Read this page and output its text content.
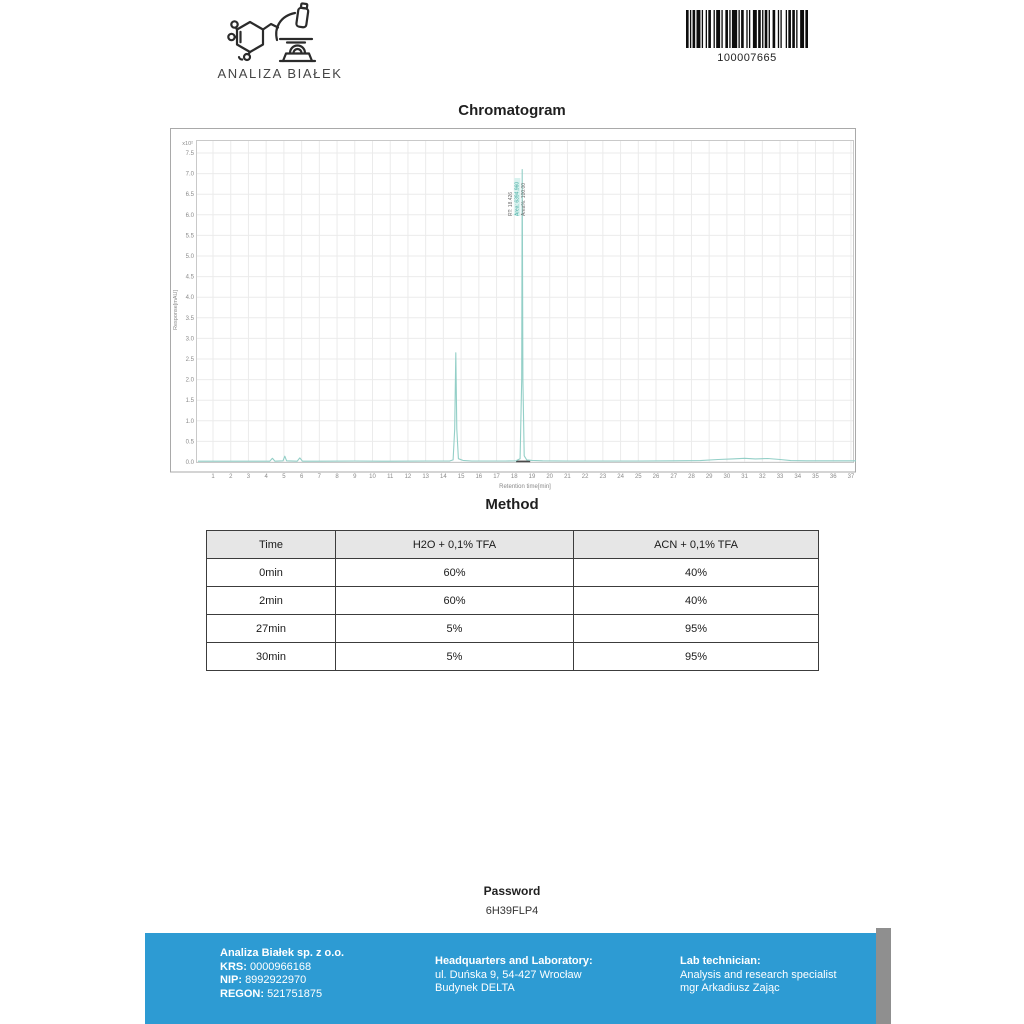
ANALIZA BIAŁEK
100007665
Chromatogram
0.0
0.5
1.0
1.5
2.0
2.5
3.0
3.5
4.0
4.5
5.0
5.5
6.0
6.5
7.0
7.5
1 2 3 4 5 6 7 8 9 10 11 12 13 14 15 16 17 18 19 20 21 22 23 24 25 26 27 28 29 30 31 32 33 34 35 36 37
x10²
Response[mAU]
Retention time[min]
RT: 18.426 Area: 6394.960 Area%: 100.00
Method
Time	H2O + 0,1% TFA	ACN + 0,1% TFA
0min	60%	40%
2min	60%	40%
27min	5%	95%
30min	5%	95%
Password
6H39FLP4
Analiza Białek sp. z o.o.
KRS: 0000966168
NIP: 8992922970
REGON: 521751875
Headquarters and Laboratory:
ul. Duńska 9, 54-427 Wrocław
Budynek DELTA
Lab technician:
Analysis and research specialist
mgr Arkadiusz Zając
